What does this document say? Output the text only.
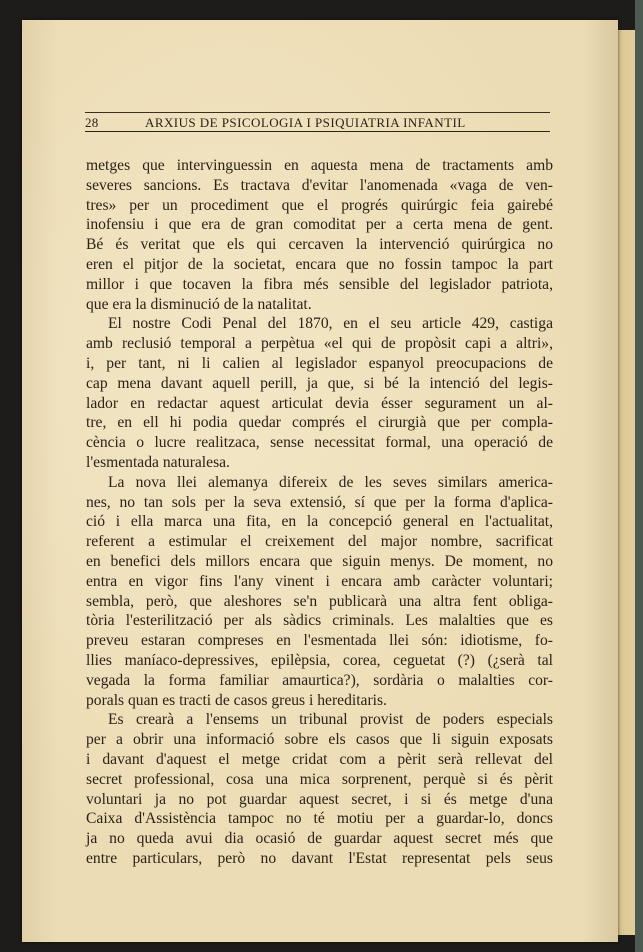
28	ARXIUS DE PSICOLOGIA I PSIQUIATRIA INFANTIL
metges que intervinguessin en aquesta mena de tractaments amb
severes sancions. Es tractava d'evitar l'anomenada «vaga de ven-
tres» per un procediment que el progrés quirúrgic feia gairebé
inofensiu i que era de gran comoditat per a certa mena de gent.
Bé és veritat que els qui cercaven la intervenció quirúrgica no
eren el pitjor de la societat, encara que no fossin tampoc la part
millor i que tocaven la fibra més sensible del legislador patriota,
que era la disminució de la natalitat.
El nostre Codi Penal del 1870, en el seu article 429, castiga
amb reclusió temporal a perpètua «el qui de propòsit capi a altri»,
i, per tant, ni li calien al legislador espanyol preocupacions de
cap mena davant aquell perill, ja que, si bé la intenció del legis-
lador en redactar aquest articulat devia ésser segurament un al-
tre, en ell hi podia quedar comprés el cirurgià que per compla-
cència o lucre realitzaca, sense necessitat formal, una operació de
l'esmentada naturalesa.
La nova llei alemanya difereix de les seves similars america-
nes, no tan sols per la seva extensió, sí que per la forma d'aplica-
ció i ella marca una fita, en la concepció general en l'actualitat,
referent a estimular el creixement del major nombre, sacrificat
en benefici dels millors encara que siguin menys. De moment, no
entra en vigor fins l'any vinent i encara amb caràcter voluntari;
sembla, però, que aleshores se'n publicarà una altra fent obliga-
tòria l'esterilització per als sàdics criminals. Les malalties que es
preveu estaran compreses en l'esmentada llei són: idiotisme, fo-
llies maníaco-depressives, epilèpsia, corea, ceguetat (?) (¿serà tal
vegada la forma familiar amaurtica?), sordària o malalties cor-
porals quan es tracti de casos greus i hereditaris.
Es crearà a l'ensems un tribunal provist de poders especials
per a obrir una informació sobre els casos que li siguin exposats
i davant d'aquest el metge cridat com a pèrit serà rellevat del
secret professional, cosa una mica sorprenent, perquè si és pèrit
voluntari ja no pot guardar aquest secret, i si és metge d'una
Caixa d'Assistència tampoc no té motiu per a guardar-lo, doncs
ja no queda avui dia ocasió de guardar aquest secret més que
entre particulars, però no davant l'Estat representat pels seus
